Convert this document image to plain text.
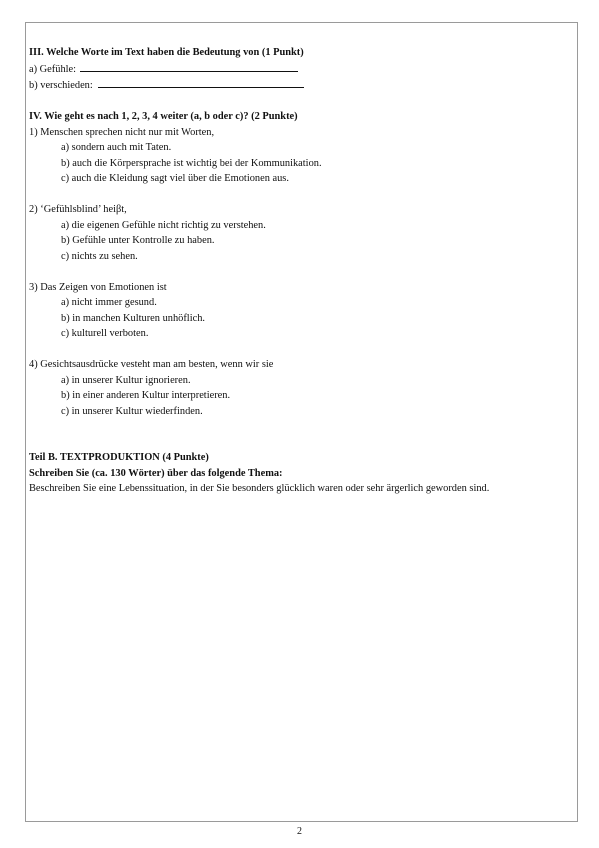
III. Welche Worte im Text haben die Bedeutung von (1 Punkt)
a) Gefühle:
b) verschieden:
IV. Wie geht es nach 1, 2, 3, 4 weiter (a, b oder c)? (2 Punkte)
1) Menschen sprechen nicht nur mit Worten,
a) sondern auch mit Taten.
b) auch die Körpersprache ist wichtig bei der Kommunikation.
c) auch die Kleidung sagt viel über die Emotionen aus.
2) ‘Gefühlsblind’ heiβt,
a) die eigenen Gefühle nicht richtig zu verstehen.
b) Gefühle unter Kontrolle zu haben.
c) nichts zu sehen.
3) Das Zeigen von Emotionen ist
a) nicht immer gesund.
b) in manchen Kulturen unhöflich.
c) kulturell verboten.
4) Gesichtsausdrücke vesteht man am besten, wenn wir sie
a) in unserer Kultur ignorieren.
b) in einer anderen Kultur interpretieren.
c) in unserer Kultur wiederfinden.
Teil B. TEXTPRODUKTION (4 Punkte)
Schreiben Sie (ca. 130 Wörter) über das folgende Thema:
Beschreiben Sie eine Lebenssituation, in der Sie besonders glücklich waren oder sehr ärgerlich geworden sind.
2
